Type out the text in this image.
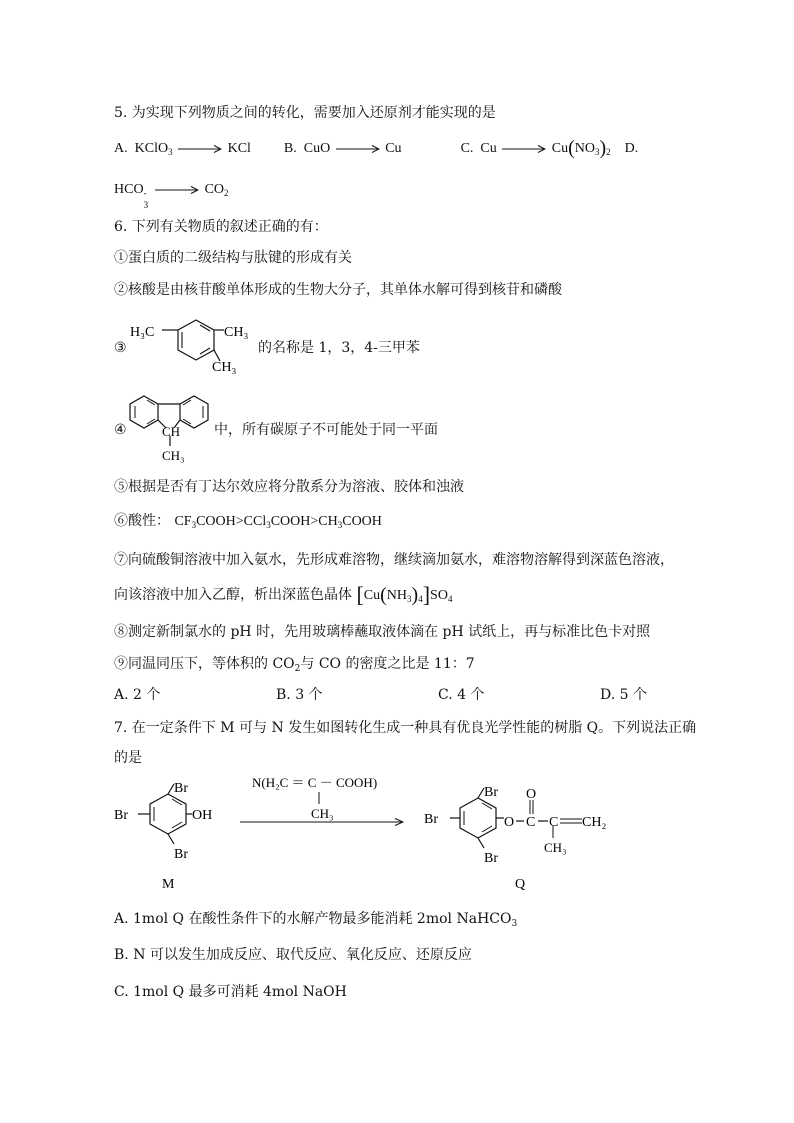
5. 为实现下列物质之间的转化，需要加入还原剂才能实现的是
A. KClO$_3$ → KCl B. CuO → Cu	C. $Cu \to Cu(NO_3)_2$ D.
HCO -
3
→ $CO_2$
6. 下列有关物质的叙述正确的有：
①蛋白质的二级结构与肽键的形成有关
②核酸是由核苷酸单体形成的生物大分子，其单体水解可得到核苷和磷酸
③
H₃C	CH₃
CH₃
的名称是 1，3，4-三甲苯
④	CH
CH₃
中，所有碳原子不可能处于同一平面
⑤根据是否有丁达尔效应将分散系分为溶液、胶体和浊液
⑥酸性： $CF_3COOH>CCl_3COOH>CH_3COOH$
⑦向硫酸铜溶液中加入氨水，先形成难溶物，继续滴加氨水，难溶物溶解得到深蓝色溶液，
向该溶液中加入乙醇，析出深蓝色晶体 $[Cu(NH_3)_4]SO_4$
⑧测定新制氯水的 pH 时，先用玻璃棒蘸取液体滴在 pH 试纸上，再与标准比色卡对照
⑨同温同压下，等体积的 $CO_2$与 CO 的密度之比是 11：7
A. 2 个	B. 3 个	C. 4 个	D. 5 个
7. 在一定条件下 M 可与 N 发生如图转化生成一种具有优良光学性能的树脂 Q。下列说法正确
的是
Br
OH
Br
Br
M
N(H₂C ＝ C － COOH)
CH₃
Br
Br
Br
O
O
C C CH₂
CH₃
Q
A. 1mol Q 在酸性条件下的水解产物最多能消耗 2mol NaHCO$_3$
B. N 可以发生加成反应、取代反应、氧化反应、还原反应
C. 1mol Q 最多可消耗 4mol NaOH
